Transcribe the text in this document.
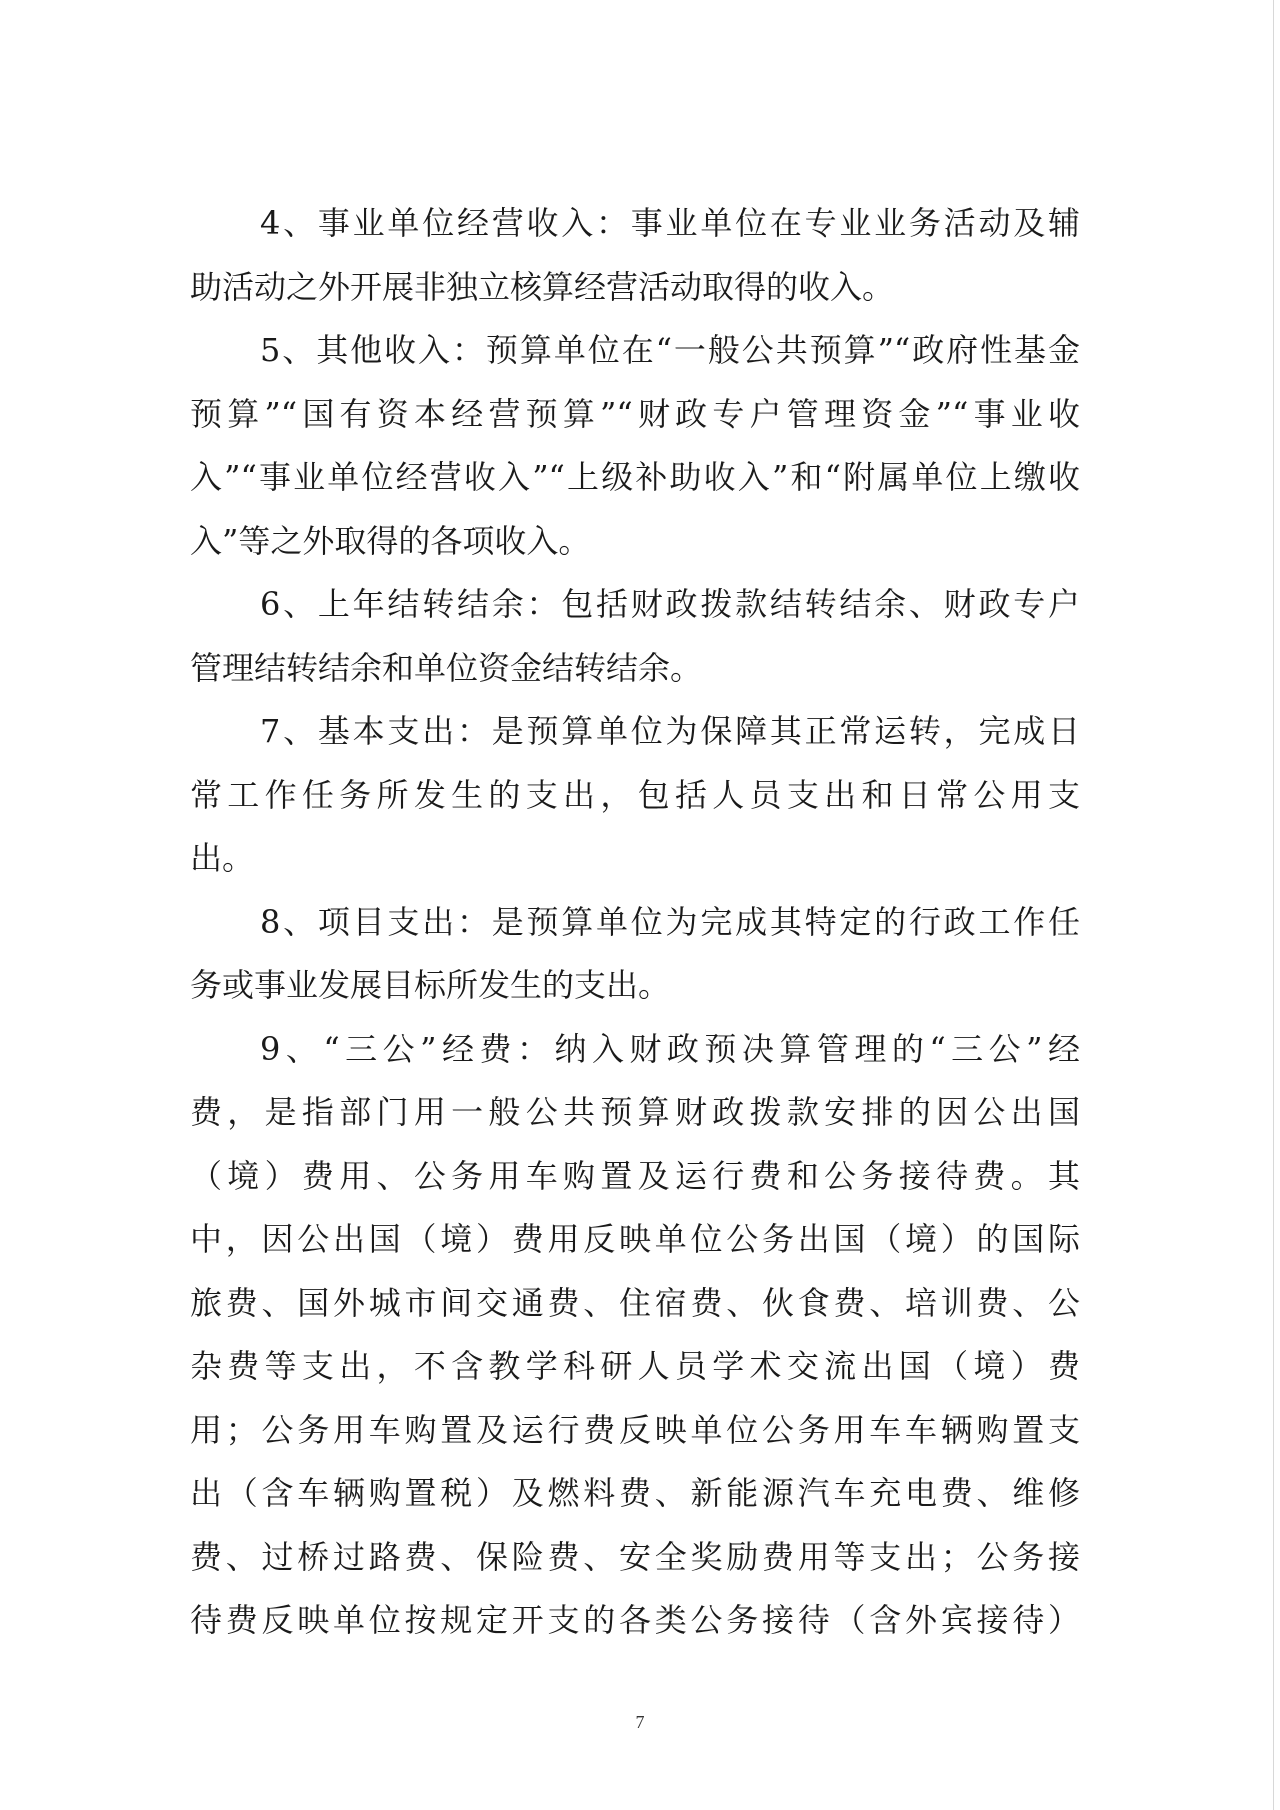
4、事业单位经营收入：事业单位在专业业务活动及辅
助活动之外开展非独立核算经营活动取得的收入。
5、其他收入：预算单位在“一般公共预算”“政府性基金
预算”“国有资本经营预算”“财政专户管理资金”“事业收
入”“事业单位经营收入”“上级补助收入”和“附属单位上缴收
入”等之外取得的各项收入。
6、上年结转结余：包括财政拨款结转结余、财政专户
管理结转结余和单位资金结转结余。
7、基本支出：是预算单位为保障其正常运转，完成日
常工作任务所发生的支出，包括人员支出和日常公用支
出。
8、项目支出：是预算单位为完成其特定的行政工作任
务或事业发展目标所发生的支出。
9、“三公”经费：纳入财政预决算管理的“三公”经
费，是指部门用一般公共预算财政拨款安排的因公出国
（境）费用、公务用车购置及运行费和公务接待费。其
中，因公出国（境）费用反映单位公务出国（境）的国际
旅费、国外城市间交通费、住宿费、伙食费、培训费、公
杂费等支出，不含教学科研人员学术交流出国（境）费
用；公务用车购置及运行费反映单位公务用车车辆购置支
出（含车辆购置税）及燃料费、新能源汽车充电费、维修
费、过桥过路费、保险费、安全奖励费用等支出；公务接
待费反映单位按规定开支的各类公务接待（含外宾接待）
7
